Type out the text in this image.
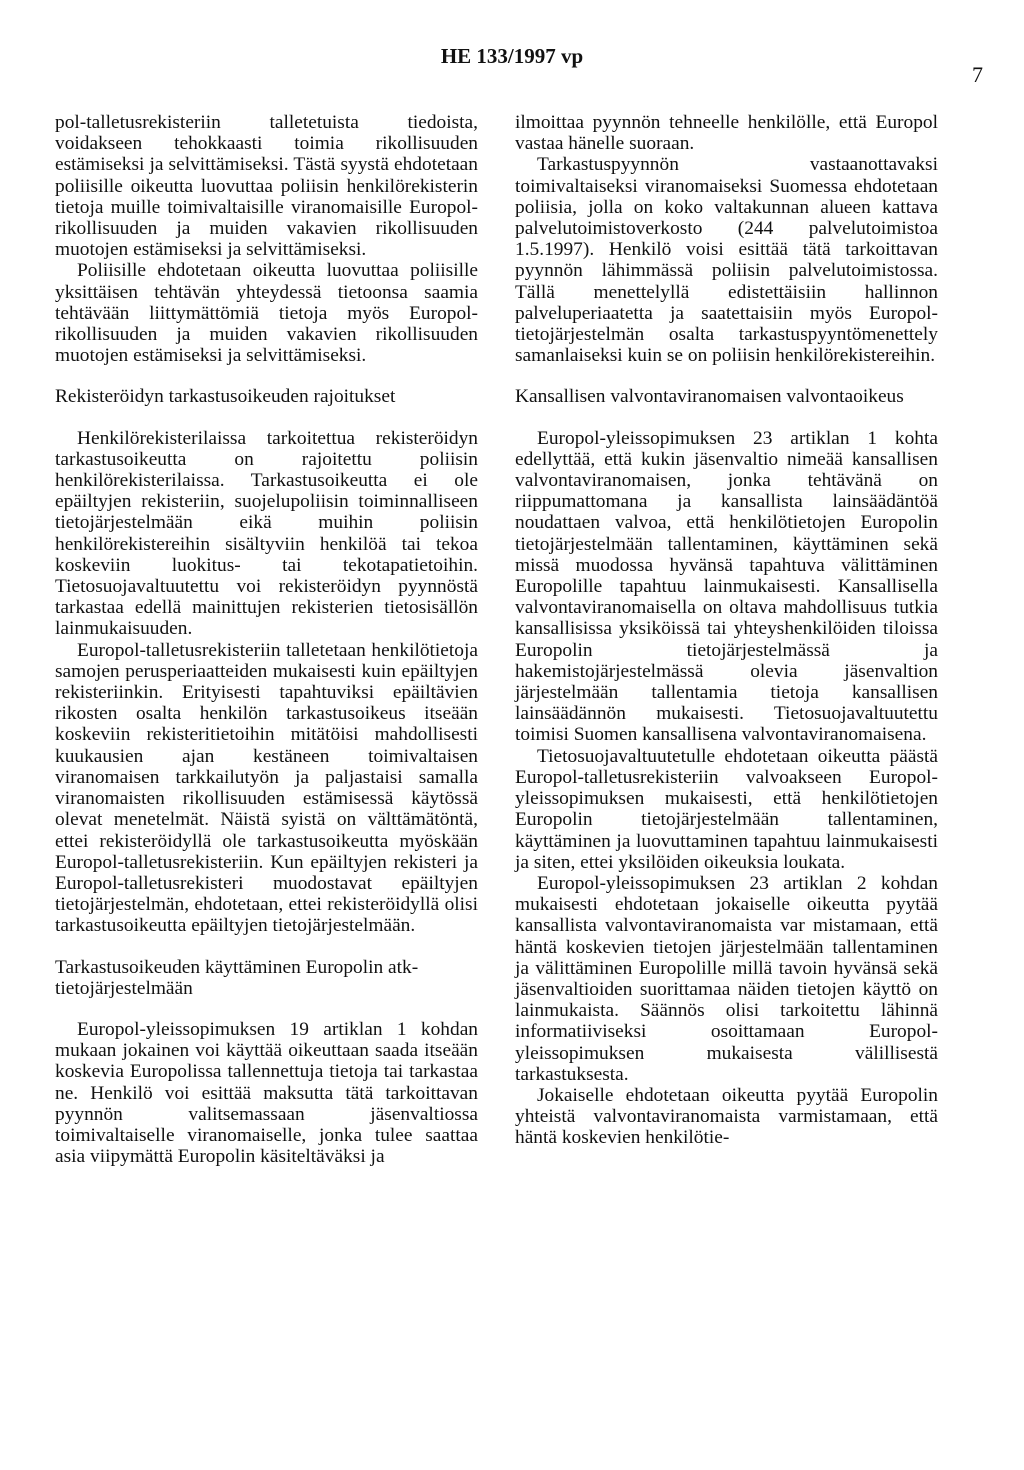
HE 133/1997 vp
7

pol-talletusrekisteriin talletetuista tiedoista, voidakseen tehokkaasti toimia rikollisuuden estämiseksi ja selvittämiseksi. Tästä syystä ehdotetaan poliisille oikeutta luovuttaa poliisin henkilörekisterin tietoja muille toimivaltaisille viranomaisille Europol-rikollisuuden ja muiden vakavien rikollisuuden muotojen estämiseksi ja selvittämiseksi.

Poliisille ehdotetaan oikeutta luovuttaa poliisille yksittäisen tehtävän yhteydessä tietoonsa saamia tehtävään liittymättömiä tietoja myös Europol-rikollisuuden ja muiden vakavien rikollisuuden muotojen estämiseksi ja selvittämiseksi.

Rekisteröidyn tarkastusoikeuden rajoitukset

Henkilörekisterilaissa tarkoitettua rekisteröidyn tarkastusoikeutta on rajoitettu poliisin henkilörekisterilaissa. Tarkastusoikeutta ei ole epäiltyjen rekisteriin, suojelupoliisin toiminnalliseen tietojärjestelmään eikä muihin poliisin henkilörekistereihin sisältyviin henkilöä tai tekoa koskeviin luokitus- tai tekotapatietoihin. Tietosuojavaltuutettu voi rekisteröidyn pyynnöstä tarkastaa edellä mainittujen rekisterien tietosisällön lainmukaisuuden.

Europol-talletusrekisteriin talletetaan henkilötietoja samojen perusperiaatteiden mukaisesti kuin epäiltyjen rekisteriinkin. Erityisesti tapahtuviksi epäiltävien rikosten osalta henkilön tarkastusoikeus itseään koskeviin rekisteritietoihin mitätöisi mahdollisesti kuukausien ajan kestäneen toimivaltaisen viranomaisen tarkkailutyön ja paljastaisi samalla viranomaisten rikollisuuden estämisessä käytössä olevat menetelmät. Näistä syistä on välttämätöntä, ettei rekisteröidyllä ole tarkastusoikeutta myöskään Europol-talletusrekisteriin. Kun epäiltyjen rekisteri ja Europol-talletusrekisteri muodostavat epäiltyjen tietojärjestelmän, ehdotetaan, ettei rekisteröidyllä olisi tarkastusoikeutta epäiltyjen tietojärjestelmään.

Tarkastusoikeuden käyttäminen Europolin atk-tietojärjestelmään

Europol-yleissopimuksen 19 artiklan 1 kohdan mukaan jokainen voi käyttää oikeuttaan saada itseään koskevia Europolissa tallennettuja tietoja tai tarkastaa ne. Henkilö voi esittää maksutta tätä tarkoittavan pyynnön valitsemassaan jäsenvaltiossa toimivaltaiselle viranomaiselle, jonka tulee saattaa asia viipymättä Europolin käsiteltäväksi ja

ilmoittaa pyynnön tehneelle henkilölle, että Europol vastaa hänelle suoraan.

Tarkastuspyynnön vastaanottavaksi toimivaltaiseksi viranomaiseksi Suomessa ehdotetaan poliisia, jolla on koko valtakunnan alueen kattava palvelutoimistoverkosto (244 palvelutoimistoa 1.5.1997). Henkilö voisi esittää tätä tarkoittavan pyynnön lähimmässä poliisin palvelutoimistossa. Tällä menettelyllä edistettäisiin hallinnon palveluperiaatetta ja saatettaisiin myös Europol-tietojärjestelmän osalta tarkastuspyyntömenettely samanlaiseksi kuin se on poliisin henkilörekistereihin.

Kansallisen valvontaviranomaisen valvontaoikeus

Europol-yleissopimuksen 23 artiklan 1 kohta edellyttää, että kukin jäsenvaltio nimeää kansallisen valvontaviranomaisen, jonka tehtävänä on riippumattomana ja kansallista lainsäädäntöä noudattaen valvoa, että henkilötietojen Europolin tietojärjestelmään tallentaminen, käyttäminen sekä missä muodossa hyvänsä tapahtuva välittäminen Europolille tapahtuu lainmukaisesti. Kansallisella valvontaviranomaisella on oltava mahdollisuus tutkia kansallisissa yksiköissä tai yhteyshenkilöiden tiloissa Europolin tietojärjestelmässä ja hakemistojärjestelmässä olevia jäsenvaltion järjestelmään tallentamia tietoja kansallisen lainsäädännön mukaisesti. Tietosuojavaltuutettu toimisi Suomen kansallisena valvontaviranomaisena.

Tietosuojavaltuutetulle ehdotetaan oikeutta päästä Europol-talletusrekisteriin valvoakseen Europol-yleissopimuksen mukaisesti, että henkilötietojen Europolin tietojärjestelmään tallentaminen, käyttäminen ja luovuttaminen tapahtuu lainmukaisesti ja siten, ettei yksilöiden oikeuksia loukata.

Europol-yleissopimuksen 23 artiklan 2 kohdan mukaisesti ehdotetaan jokaiselle oikeutta pyytää kansallista valvontaviranomaista var mistamaan, että häntä koskevien tietojen järjestelmään tallentaminen ja välittäminen Europolille millä tavoin hyvänsä sekä jäsenvaltioiden suorittamaa näiden tietojen käyttö on lainmukaista. Säännös olisi tarkoitettu lähinnä informatiiviseksi osoittamaan Europol-yleissopimuksen mukaisesta välillisestä tarkastuksesta.

Jokaiselle ehdotetaan oikeutta pyytää Europolin yhteistä valvontaviranomaista varmistamaan, että häntä koskevien henkilötie-
